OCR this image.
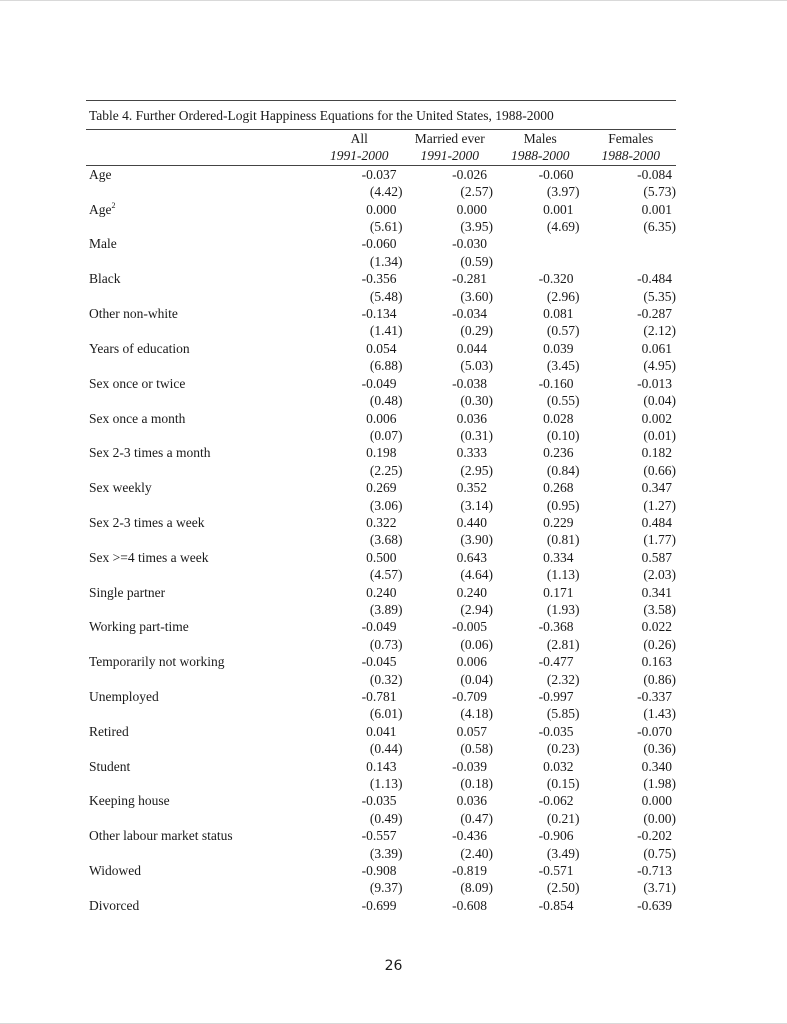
Table 4. Further Ordered-Logit Happiness Equations for the United States, 1988-2000
	All	Married ever	Males	Females
	1991-2000	1991-2000	1988-2000	1988-2000
Age	-0.037	-0.026	-0.060	-0.084
	(4.42)	(2.57)	(3.97)	(5.73)
Age$^2$	0.000	0.000	0.001	0.001
	(5.61)	(3.95)	(4.69)	(6.35)
Male	-0.060	-0.030		
	(1.34)	(0.59)		
Black	-0.356	-0.281	-0.320	-0.484
	(5.48)	(3.60)	(2.96)	(5.35)
Other non-white	-0.134	-0.034	0.081	-0.287
	(1.41)	(0.29)	(0.57)	(2.12)
Years of education	0.054	0.044	0.039	0.061
	(6.88)	(5.03)	(3.45)	(4.95)
Sex once or twice	-0.049	-0.038	-0.160	-0.013
	(0.48)	(0.30)	(0.55)	(0.04)
Sex once a month	0.006	0.036	0.028	0.002
	(0.07)	(0.31)	(0.10)	(0.01)
Sex 2-3 times a month	0.198	0.333	0.236	0.182
	(2.25)	(2.95)	(0.84)	(0.66)
Sex weekly	0.269	0.352	0.268	0.347
	(3.06)	(3.14)	(0.95)	(1.27)
Sex 2-3 times a week	0.322	0.440	0.229	0.484
	(3.68)	(3.90)	(0.81)	(1.77)
Sex >=4 times a week	0.500	0.643	0.334	0.587
	(4.57)	(4.64)	(1.13)	(2.03)
Single partner	0.240	0.240	0.171	0.341
	(3.89)	(2.94)	(1.93)	(3.58)
Working part-time	-0.049	-0.005	-0.368	0.022
	(0.73)	(0.06)	(2.81)	(0.26)
Temporarily not working	-0.045	0.006	-0.477	0.163
	(0.32)	(0.04)	(2.32)	(0.86)
Unemployed	-0.781	-0.709	-0.997	-0.337
	(6.01)	(4.18)	(5.85)	(1.43)
Retired	0.041	0.057	-0.035	-0.070
	(0.44)	(0.58)	(0.23)	(0.36)
Student	0.143	-0.039	0.032	0.340
	(1.13)	(0.18)	(0.15)	(1.98)
Keeping house	-0.035	0.036	-0.062	0.000
	(0.49)	(0.47)	(0.21)	(0.00)
Other labour market status	-0.557	-0.436	-0.906	-0.202
	(3.39)	(2.40)	(3.49)	(0.75)
Widowed	-0.908	-0.819	-0.571	-0.713
	(9.37)	(8.09)	(2.50)	(3.71)
Divorced	-0.699	-0.608	-0.854	-0.639
26
